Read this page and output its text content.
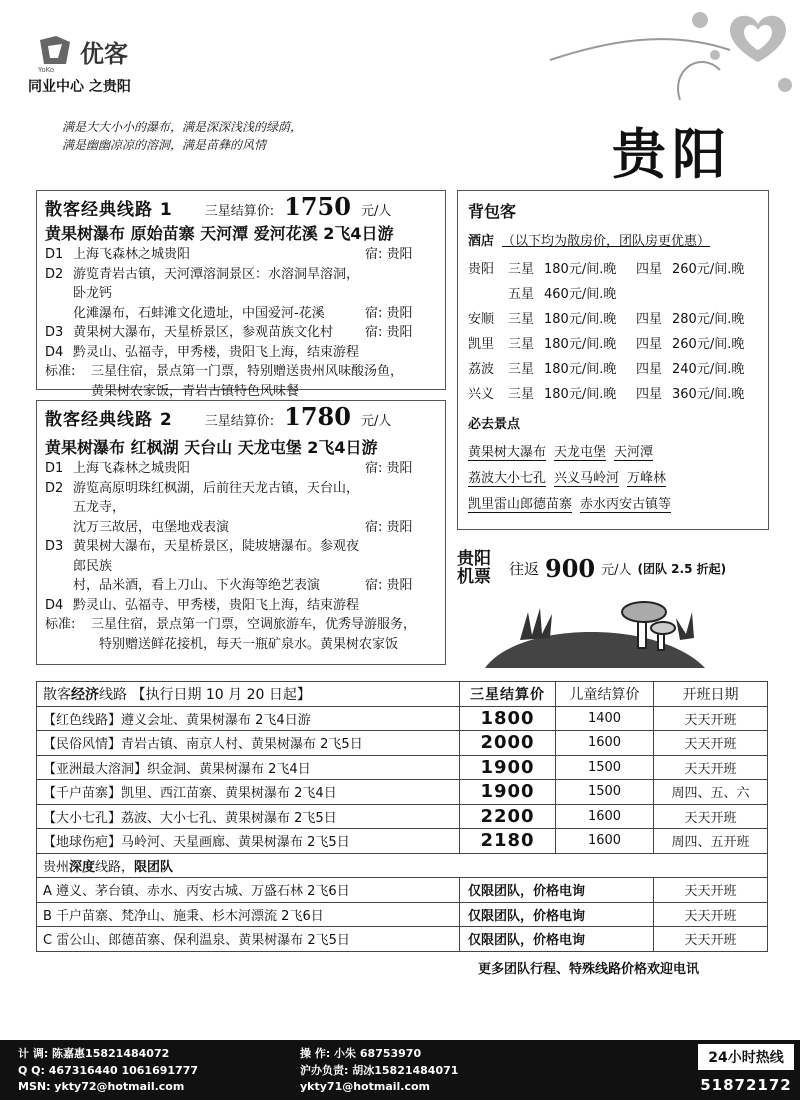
优客
YoKo
同业中心 之贵阳
满是大大小小的瀑布，满是深深浅浅的绿荫，
满是幽幽凉凉的溶洞，满是苗彝的风情	贵阳
散客经典线路 1 三星结算价: 1750 元/人
黄果树瀑布 原始苗寨 天河潭 爱河花溪 2飞4日游
D1 上海飞森林之城贵阳	宿: 贵阳
D2 游览青岩古镇，天河潭溶洞景区：水溶洞旱溶洞，卧龙钙
化滩瀑布，石蚌滩文化遗址，中国爱河-花溪	宿: 贵阳
D3 黄果树大瀑布，天星桥景区，参观苗族文化村	宿: 贵阳
D4 黔灵山、弘福寺，甲秀楼，贵阳飞上海，结束游程
标准:	三星住宿，景点第一门票，特别赠送贵州风味酸汤鱼，
黄果树农家饭，青岩古镇特色风味餐
散客经典线路 2 三星结算价: 1780 元/人
黄果树瀑布 红枫湖 天台山 天龙屯堡 2飞4日游
D1 上海飞森林之城贵阳	宿: 贵阳
D2 游览高原明珠红枫湖，后前往天龙古镇，天台山，五龙寺，
沈万三故居，屯堡地戏表演	宿: 贵阳
D3 黄果树大瀑布，天星桥景区，陡坡塘瀑布。参观夜郎民族
村，品米酒，看上刀山、下火海等绝艺表演	宿: 贵阳
D4 黔灵山、弘福寺、甲秀楼，贵阳飞上海，结束游程
标准:	三星住宿，景点第一门票，空调旅游车，优秀导游服务，
特别赠送鲜花接机，每天一瓶矿泉水。黄果树农家饭
背包客
酒店 （以下均为散房价，团队房更优惠）
贵阳	三星 180元/间.晚	四星 260元/间.晚
五星 460元/间.晚
安顺	三星 180元/间.晚	四星 280元/间.晚
凯里	三星 180元/间.晚	四星 260元/间.晚
荔波	三星 180元/间.晚	四星 240元/间.晚
兴义	三星 180元/间.晚	四星 360元/间.晚
必去景点
黄果树大瀑布 天龙屯堡 天河潭
荔波大小七孔 兴义马岭河 万峰林
凯里雷山郎德苗寨 赤水丙安古镇等
贵阳机票	往返 900 元/人 (团队 2.5 折起)
散客经济线路 【执行日期 10 月 20 日起】	三星结算价	儿童结算价	开班日期
【红色线路】遵义会址、黄果树瀑布 2飞4日游	1800	1400	天天开班
【民俗风情】青岩古镇、南京人村、黄果树瀑布 2飞5日	2000	1600	天天开班
【亚洲最大溶洞】织金洞、黄果树瀑布 2飞4日	1900	1500	天天开班
【千户苗寨】凯里、西江苗寨、黄果树瀑布 2飞4日	1900	1500	周四、五、六
【大小七孔】荔波、大小七孔、黄果树瀑布 2飞5日	2200	1600	天天开班
【地球伤疤】马岭河、天星画廊、黄果树瀑布 2飞5日	2180	1600	周四、五开班
贵州深度线路，限团队			
A 遵义、茅台镇、赤水、丙安古城、万盛石林 2飞6日	仅限团队，价格电询		天天开班
B 千户苗寨、梵净山、施秉、杉木河漂流 2飞6日	仅限团队，价格电询		天天开班
C 雷公山、郎德苗寨、保利温泉、黄果树瀑布 2飞5日	仅限团队，价格电询		天天开班
更多团队行程、特殊线路价格欢迎电讯
计 调: 陈嘉惠15821484072
Q Q: 467316440 1061691777
MSN: ykty72@hotmail.com
操 作: 小朱 68753970
沪办负责: 胡冰15821484071
ykty71@hotmail.com
24小时热线
51872172
